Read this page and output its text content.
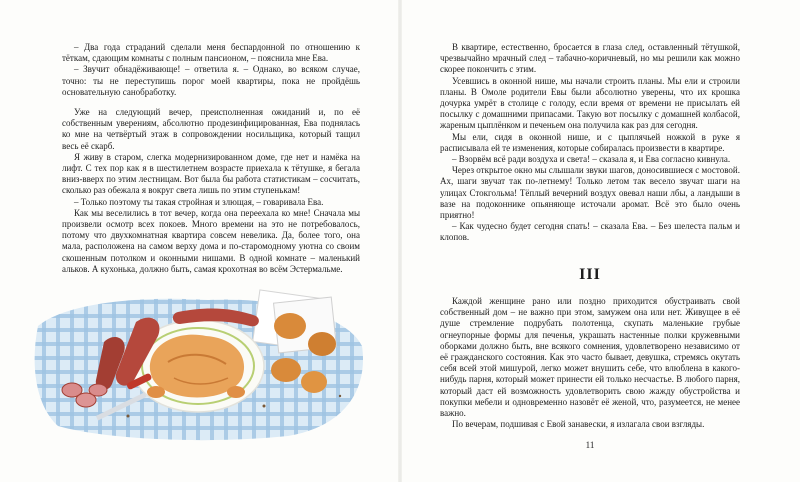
– Два года страданий сделали меня беспардонной по отношению к тёткам, сдающим комнаты с полным пансионом, – пояснила мне Ева.

– Звучит обнадёживающе! – ответила я. – Однако, во всяком случае, точно: ты не переступишь порог моей квартиры, пока не пройдёшь основательную санобработку.

Уже на следующий вечер, преисполненная ожиданий и, по её собственным уверениям, абсолютно продезинфицированная, Ева поднялась ко мне на четвёртый этаж в сопровождении носильщика, который тащил весь её скарб.

Я живу в старом, слегка модернизированном доме, где нет и намёка на лифт. С тех пор как я в шестилетнем возрасте приехала к тётушке, я бегала вниз-вверх по этим лестницам. Вот была бы работа статистикам – сосчитать, сколько раз обежала я вокруг света лишь по этим ступенькам!

– Только поэтому ты такая стройная и злющая, – говаривала Ева.

Как мы веселились в тот вечер, когда она переехала ко мне! Сначала мы произвели осмотр всех покоев. Много времени на это не потребовалось, потому что двухкомнатная квартира совсем невелика. Да, более того, она мала, расположена на самом верху дома и по-старомодному уютна со своим скошенным потолком и оконными нишами. В одной комнате – маленький альков. А кухонька, должно быть, самая крохотная во всём Эстермальме.

В квартире, естественно, бросается в глаза след, оставленный тётушкой, чрезвычайно мрачный след – табачно-коричневый, но мы решили как можно скорее покончить с этим.

Усевшись в оконной нише, мы начали строить планы. Мы ели и строили планы. В Омоле родители Евы были абсолютно уверены, что их крошка дочурка умрёт в столице с голоду, если время от времени не присылать ей посылку с домашними припасами. Такую вот посылку с домашней колбасой, жареным цыплёнком и печеньем она получила как раз для сегодня.

Мы ели, сидя в оконной нише, и с цыплячьей ножкой в руке я расписывала ей те изменения, которые собиралась произвести в квартире.

– Взорвём всё ради воздуха и света! – сказала я, и Ева согласно кивнула.

Через открытое окно мы слышали звуки шагов, доносившиеся с мостовой. Ах, шаги звучат так по-летнему! Только летом так весело звучат шаги на улицах Стокгольма! Тёплый вечерний воздух овевал наши лбы, а ландыши в вазе на подоконнике опьяняюще источали аромат. Всё это было очень приятно!

– Как чудесно будет сегодня спать! – сказала Ева. – Без шелеста пальм и клопов.

Каждой женщине рано или поздно приходится обустраивать свой собственный дом – не важно при этом, замужем она или нет. Живущее в её душе стремление подрубать полотенца, скупать маленькие грубые огнеупорные формы для печенья, украшать настенные полки кружевными оборками должно быть, вне всякого сомнения, удовлетворено независимо от её гражданского состояния. Как это часто бывает, девушка, стремясь окутать себя всей этой мишурой, легко может внушить себе, что влюблена в какого-нибудь парня, который может принести ей только несчастье. В любого парня, который даст ей возможность удовлетворить свою жажду обустройства и покупки мебели и одновременно назовёт её женой, что, разумеется, не менее важно.

По вечерам, подшивая с Евой занавески, я излагала свои взгляды.

III
11
